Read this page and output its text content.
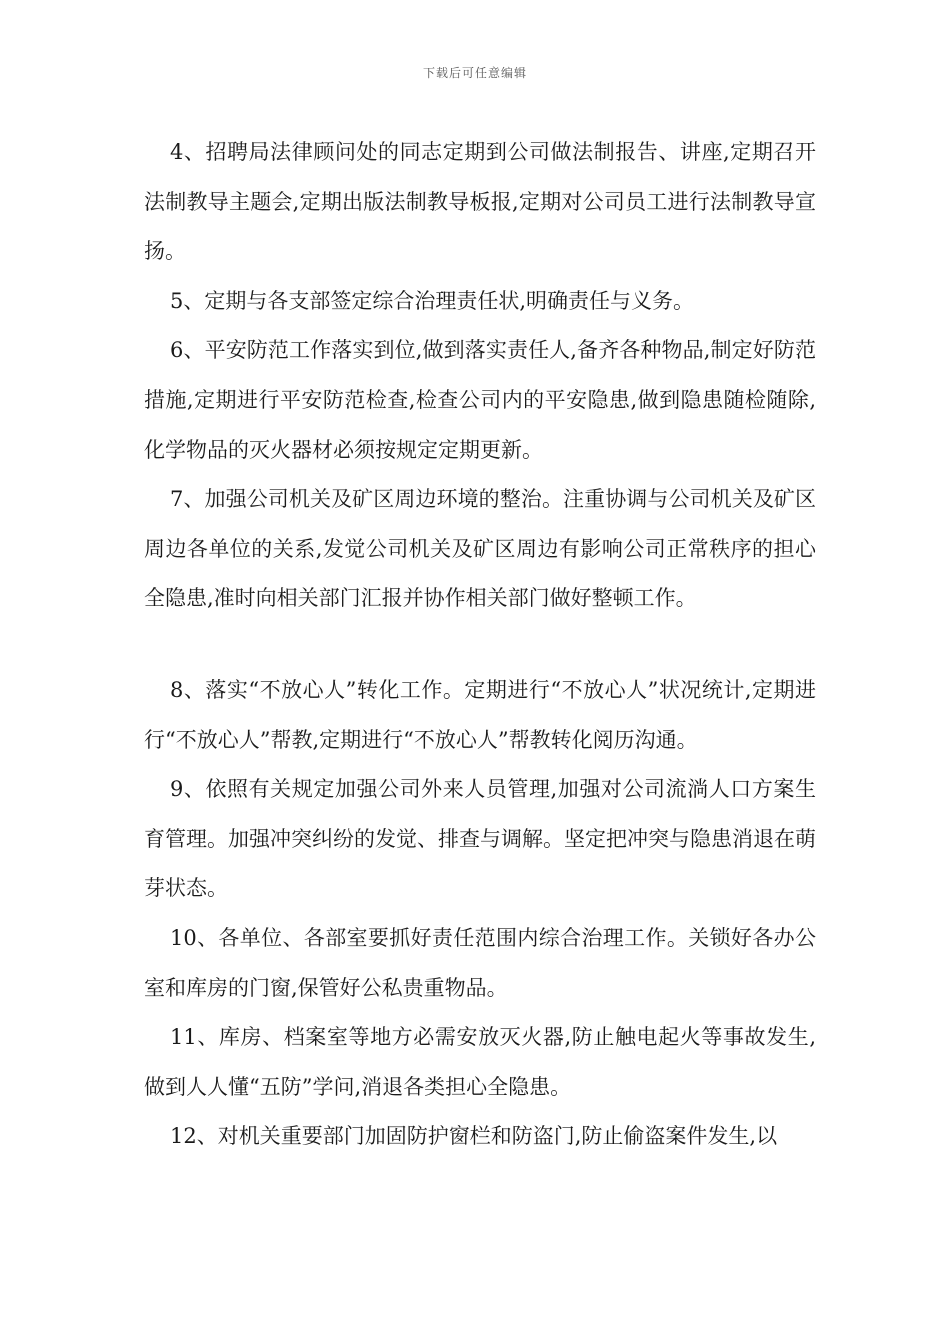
下载后可任意编辑

4、招聘局法律顾问处的同志定期到公司做法制报告、讲座,定期召开法制教导主题会,定期出版法制教导板报,定期对公司员工进行法制教导宣扬。

5、定期与各支部签定综合治理责任状,明确责任与义务。

6、平安防范工作落实到位,做到落实责任人,备齐各种物品,制定好防范措施,定期进行平安防范检查,检查公司内的平安隐患,做到隐患随检随除,化学物品的灭火器材必须按规定定期更新。

7、加强公司机关及矿区周边环境的整治。注重协调与公司机关及矿区周边各单位的关系,发觉公司机关及矿区周边有影响公司正常秩序的担心全隐患,准时向相关部门汇报并协作相关部门做好整顿工作。

8、落实“不放心人”转化工作。定期进行“不放心人”状况统计,定期进行“不放心人”帮教,定期进行“不放心人”帮教转化阅历沟通。

9、依照有关规定加强公司外来人员管理,加强对公司流淌人口方案生育管理。加强冲突纠纷的发觉、排查与调解。坚定把冲突与隐患消退在萌芽状态。

10、各单位、各部室要抓好责任范围内综合治理工作。关锁好各办公室和库房的门窗,保管好公私贵重物品。

11、库房、档案室等地方必需安放灭火器,防止触电起火等事故发生,做到人人懂“五防”学问,消退各类担心全隐患。

12、对机关重要部门加固防护窗栏和防盗门,防止偷盗案件发生,以
